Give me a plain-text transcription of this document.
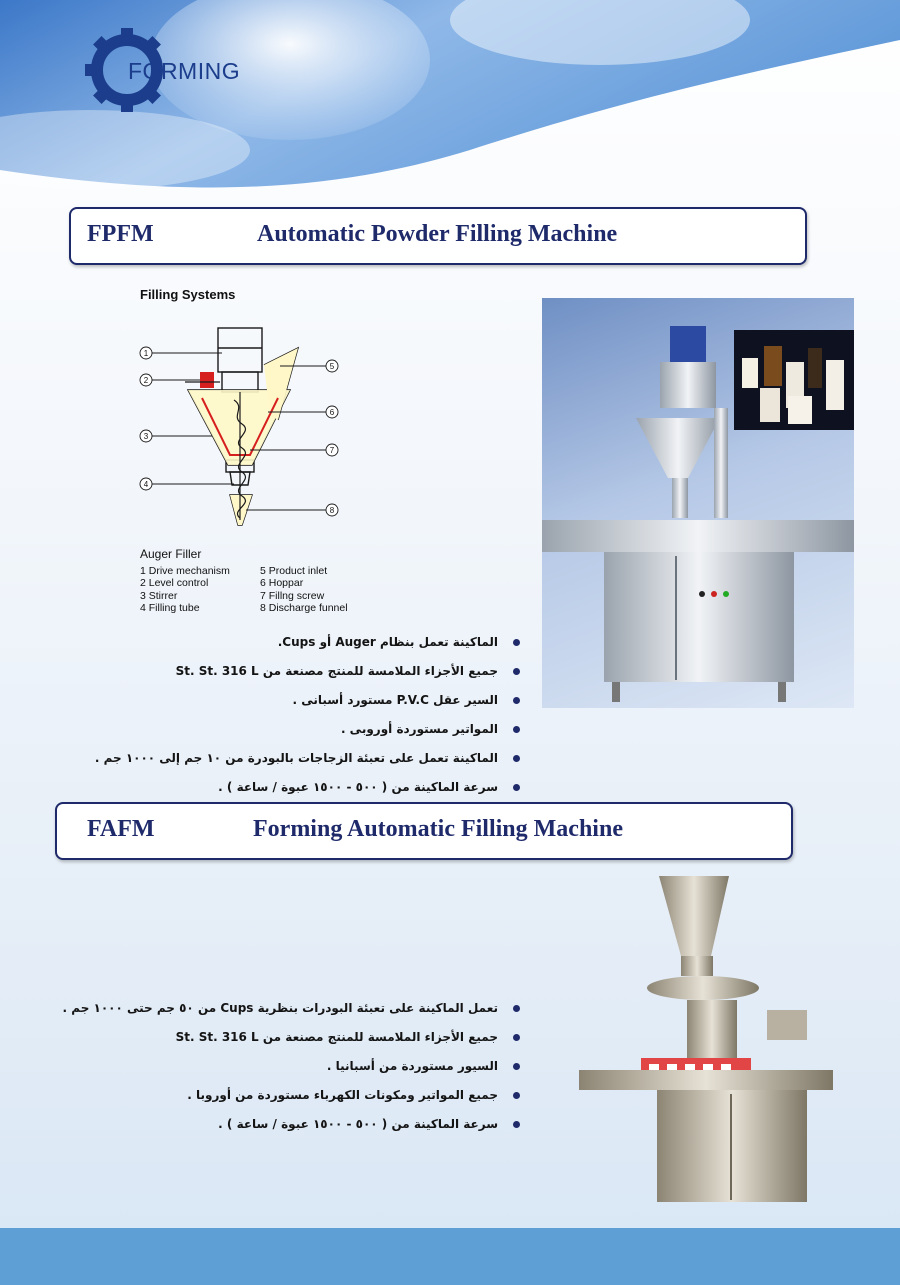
FORMING
FPFM	Automatic Powder Filling Machine
Filling Systems
1
2
3
4
5
6
7
8
Auger Filler
1 Drive mechanism
2 Level control
3 Stirrer
4 Filling tube
5 Product inlet
6 Hoppar
7 Fillng screw
8 Discharge funnel
الماكينة تعمل بنظام Auger أو Cups.
جميع الأجزاء الملامسة للمنتج مصنعة من St. St. 316 L
السير عقل P.V.C مستورد أسبانى .
المواتير مستوردة أوروبى .
الماكينة تعمل على تعبئة الزجاجات بالبودرة من ١٠ جم إلى ١٠٠٠ جم .
سرعة الماكينة من ( ٥٠٠ - ١٥٠٠ عبوة / ساعة ) .
FAFM	Forming Automatic Filling Machine
تعمل الماكينة على تعبئة البودرات بنظرية Cups من ٥٠ جم حتى ١٠٠٠ جم .
جميع الأجزاء الملامسة للمنتج مصنعة من St. St. 316 L
السيور مستوردة من أسبانيا .
جميع المواتير ومكونات الكهرباء مستوردة من أوروبا .
سرعة الماكينة من ( ٥٠٠ - ١٥٠٠ عبوة / ساعة ) .
